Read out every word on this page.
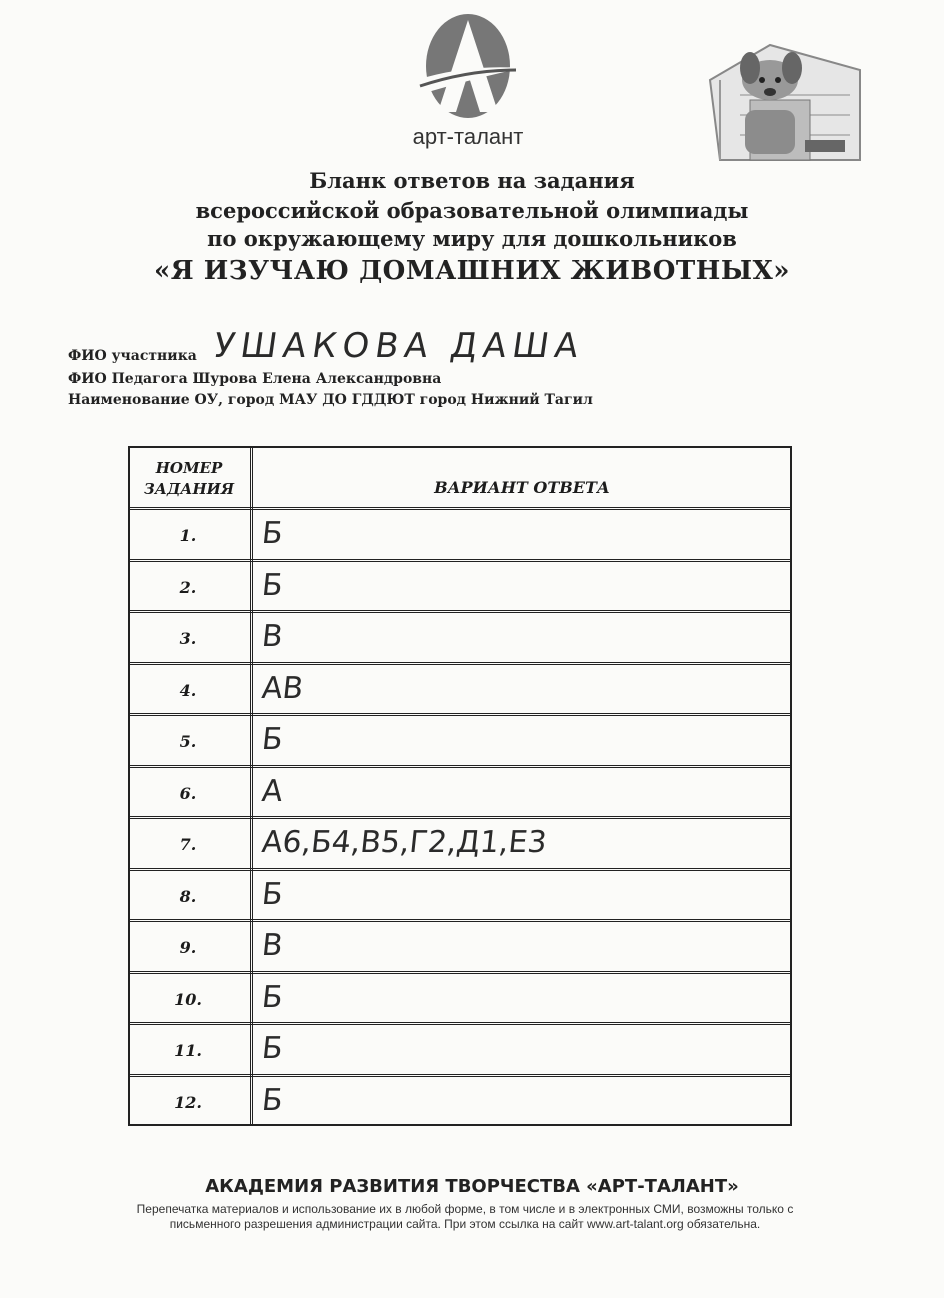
арт-талант
Бланк ответов на задания
всероссийской образовательной олимпиады
по окружающему миру для дошкольников
«Я ИЗУЧАЮ ДОМАШНИХ ЖИВОТНЫХ»
ФИО участника УШАКОВА ДАША
ФИО Педагога Шурова Елена Александровна
Наименование ОУ, город МАУ ДО ГДДЮТ город Нижний Тагил
НОМЕР ЗАДАНИЯ	ВАРИАНТ ОТВЕТА
1.	Б
2.	Б
3.	В
4.	АВ
5.	Б
6.	А
7.	А6,Б4,В5,Г2,Д1,Е3
8.	Б
9.	В
10.	Б
11.	Б
12.	Б
АКАДЕМИЯ РАЗВИТИЯ ТВОРЧЕСТВА «АРТ-ТАЛАНТ»
Перепечатка материалов и использование их в любой форме, в том числе и в электронных СМИ, возможны только с письменного разрешения администрации сайта. При этом ссылка на сайт www.art-talant.org обязательна.
